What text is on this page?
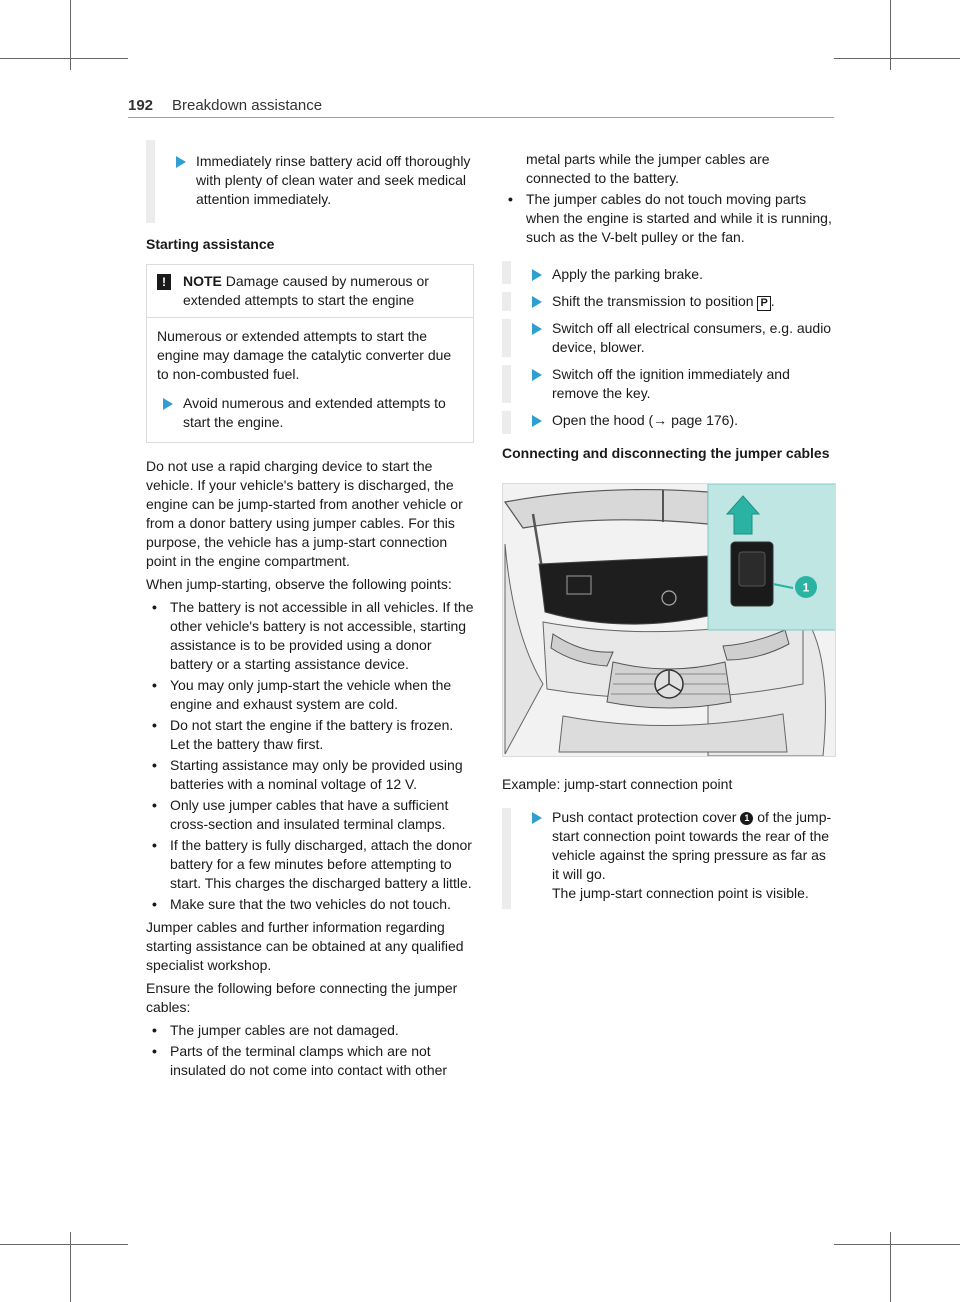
192 Breakdown assistance

Immediately rinse battery acid off thoroughly with plenty of clean water and seek medical attention immediately.

Starting assistance
!	NOTE Damage caused by numerous or extended attempts to start the engine

Numerous or extended attempts to start the engine may damage the catalytic converter due to non-combusted fuel.

Avoid numerous and extended attempts to start the engine.

Do not use a rapid charging device to start the vehicle. If your vehicle's battery is discharged, the engine can be jump-started from another vehicle or from a donor battery using jumper cables. For this purpose, the vehicle has a jump-start connection point in the engine compartment.

When jump-starting, observe the following points:

• The battery is not accessible in all vehicles. If the other vehicle's battery is not accessible, starting assistance is to be provided using a donor battery or a starting assistance device.
• You may only jump-start the vehicle when the engine and exhaust system are cold.
• Do not start the engine if the battery is frozen. Let the battery thaw first.
• Starting assistance may only be provided using batteries with a nominal voltage of 12 V.
• Only use jumper cables that have a sufficient cross-section and insulated terminal clamps.
• If the battery is fully discharged, attach the donor battery for a few minutes before attempting to start. This charges the discharged battery a little.
• Make sure that the two vehicles do not touch.

Jumper cables and further information regarding starting assistance can be obtained at any qualified specialist workshop.

Ensure the following before connecting the jumper cables:

• The jumper cables are not damaged.
• Parts of the terminal clamps which are not insulated do not come into contact with other

metal parts while the jumper cables are connected to the battery.

• The jumper cables do not touch moving parts when the engine is started and while it is running, such as the V-belt pulley or the fan.

Apply the parking brake.

Shift the transmission to position P .

Switch off all electrical consumers, e.g. audio device, blower.

Switch off the ignition immediately and remove the key.

Open the hood (→ page 176).

Connecting and disconnecting the jumper cables
1

Example: jump-start connection point

Push contact protection cover 1 of the jump-start connection point towards the rear of the vehicle against the spring pressure as far as it will go.

The jump-start connection point is visible.
